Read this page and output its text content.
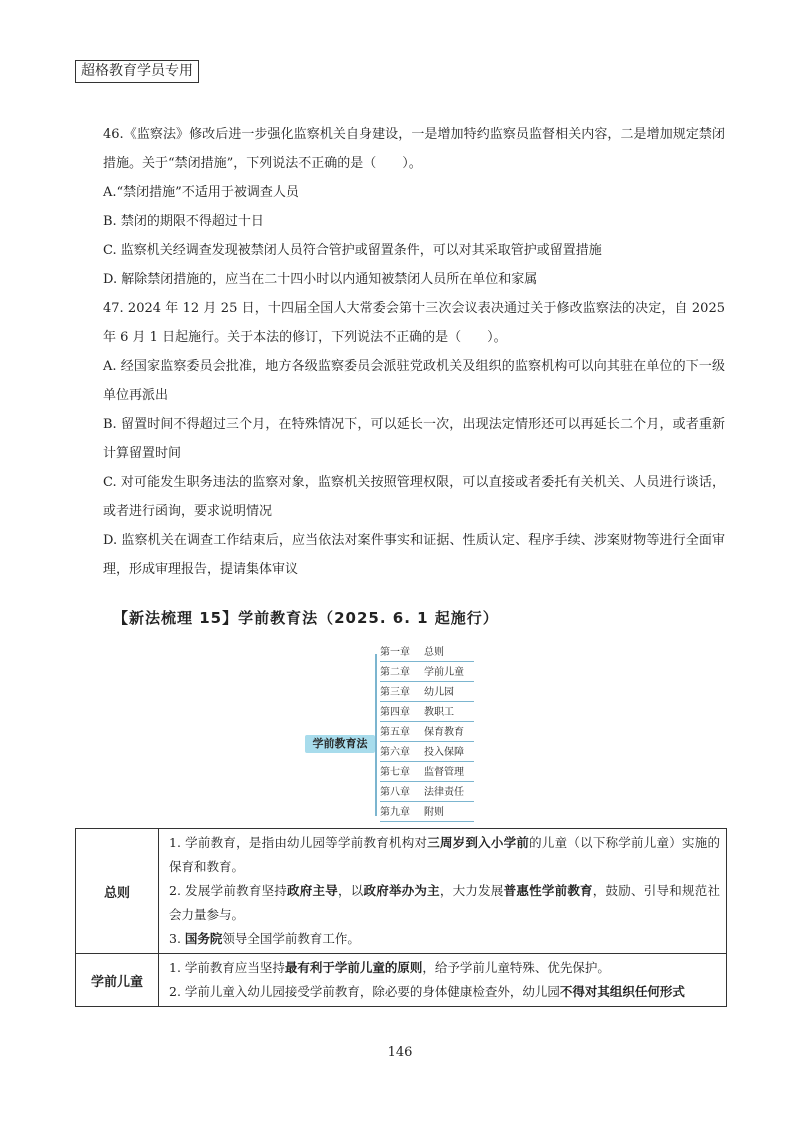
超格教育学员专用

46.《监察法》修改后进一步强化监察机关自身建设，一是增加特约监察员监督相关内容，二是增加规定禁闭措施。关于“禁闭措施”，下列说法不正确的是（　　）。

A.“禁闭措施”不适用于被调查人员

B. 禁闭的期限不得超过十日

C. 监察机关经调查发现被禁闭人员符合管护或留置条件，可以对其采取管护或留置措施

D. 解除禁闭措施的，应当在二十四小时以内通知被禁闭人员所在单位和家属

47. 2024 年 12 月 25 日，十四届全国人大常委会第十三次会议表决通过关于修改监察法的决定，自 2025 年 6 月 1 日起施行。关于本法的修订，下列说法不正确的是（　　）。

A. 经国家监察委员会批准，地方各级监察委员会派驻党政机关及组织的监察机构可以向其驻在单位的下一级单位再派出

B. 留置时间不得超过三个月，在特殊情况下，可以延长一次，出现法定情形还可以再延长二个月，或者重新计算留置时间

C. 对可能发生职务违法的监察对象，监察机关按照管理权限，可以直接或者委托有关机关、人员进行谈话，或者进行函询，要求说明情况

D. 监察机关在调查工作结束后，应当依法对案件事实和证据、性质认定、程序手续、涉案财物等进行全面审理，形成审理报告，提请集体审议

【新法梳理 15】学前教育法（2025. 6. 1 起施行）
学前教育法
第一章 总则
第二章 学前儿童
第三章 幼儿园
第四章 教职工
第五章 保育教育
第六章 投入保障
第七章 监督管理
第八章 法律责任
第九章 附则
总则	1. 学前教育，是指由幼儿园等学前教育机构对三周岁到入小学前的儿童（以下称学前儿童）实施的保育和教育。

2. 发展学前教育坚持政府主导，以政府举办为主，大力发展普惠性学前教育，鼓励、引导和规范社会力量参与。

3. 国务院领导全国学前教育工作。

学前儿童	1. 学前教育应当坚持最有利于学前儿童的原则，给予学前儿童特殊、优先保护。

2. 学前儿童入幼儿园接受学前教育，除必要的身体健康检查外，幼儿园不得对其组织任何形式

146
